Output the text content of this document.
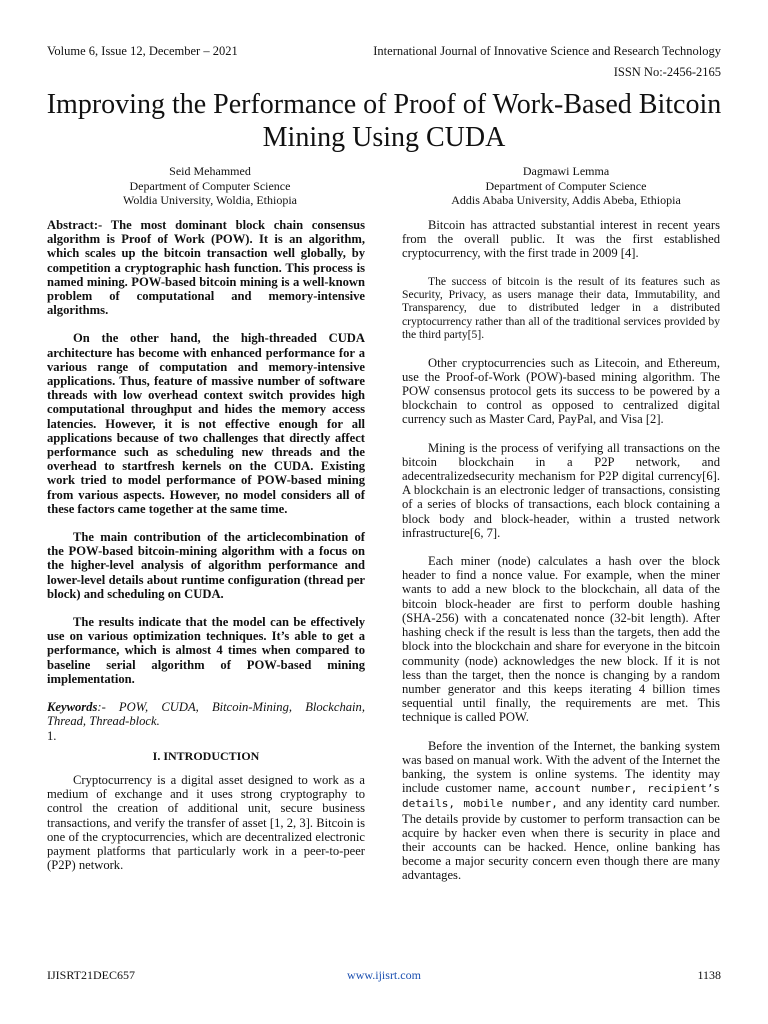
Volume 6, Issue 12, December – 2021	International Journal of Innovative Science and Research Technology
ISSN No:-2456-2165
Improving the Performance of Proof of Work-Based Bitcoin Mining Using CUDA
Seid Mehammed
Department of Computer Science
Woldia University, Woldia, Ethiopia
Dagmawi Lemma
Department of Computer Science
Addis Ababa University, Addis Abeba, Ethiopia

Abstract:- The most dominant block chain consensus algorithm is Proof of Work (POW). It is an algorithm, which scales up the bitcoin transaction well globally, by competition a cryptographic hash function. This process is named mining. POW-based bitcoin mining is a well-known problem of computational and memory-intensive algorithms.

On the other hand, the high-threaded CUDA architecture has become with enhanced performance for a various range of computation and memory-intensive applications. Thus, feature of massive number of software threads with low overhead context switch provides high computational throughput and hides the memory access latencies. However, it is not effective enough for all applications because of two challenges that directly affect performance such as scheduling new threads and the overhead to startfresh kernels on the CUDA. Existing work tried to model performance of POW-based mining from various aspects. However, no model considers all of these factors came together at the same time.

The main contribution of the articlecombination of the POW-based bitcoin-mining algorithm with a focus on the higher-level analysis of algorithm performance and lower-level details about runtime configuration (thread per block) and scheduling on CUDA.

The results indicate that the model can be effectively use on various optimization techniques. It’s able to get a performance, which is almost 4 times when compared to baseline serial algorithm of POW-based mining implementation.

Keywords:- POW, CUDA, Bitcoin-Mining, Blockchain, Thread, Thread-block.

1.
I. INTRODUCTION

Cryptocurrency is a digital asset designed to work as a medium of exchange and it uses strong cryptography to control the creation of additional unit, secure business transactions, and verify the transfer of asset [1, 2, 3]. Bitcoin is one of the cryptocurrencies, which are decentralized electronic payment platforms that particularly work in a peer-to-peer (P2P) network.

Bitcoin has attracted substantial interest in recent years from the overall public. It was the first established cryptocurrency, with the first trade in 2009 [4].

The success of bitcoin is the result of its features such as Security, Privacy, as users manage their data, Immutability, and Transparency, due to distributed ledger in a distributed cryptocurrency rather than all of the traditional services provided by the third party[5].

Other cryptocurrencies such as Litecoin, and Ethereum, use the Proof-of-Work (POW)-based mining algorithm. The POW consensus protocol gets its success to be powered by a blockchain to control as opposed to centralized digital currency such as Master Card, PayPal, and Visa [2].

Mining is the process of verifying all transactions on the bitcoin blockchain in a P2P network, and adecentralizedsecurity mechanism for P2P digital currency[6]. A blockchain is an electronic ledger of transactions, consisting of a series of blocks of transactions, each block containing a block body and block-header, within a trusted network infrastructure[6, 7].

Each miner (node) calculates a hash over the block header to find a nonce value. For example, when the miner wants to add a new block to the blockchain, all data of the bitcoin block-header are first to perform double hashing (SHA-256) with a concatenated nonce (32-bit length). After hashing check if the result is less than the targets, then add the block into the blockchain and share for everyone in the bitcoin community (node) acknowledges the new block. If it is not less than the target, then the nonce is changing by a random number generator and this keeps iterating 4 billion times sequential until finally, the requirements are met. This technique is called POW.

Before the invention of the Internet, the banking system was based on manual work. With the advent of the Internet the banking, the system is online systems. The identity may include customer name, account number, recipient’s details, mobile number, and any identity card number. The details provide by customer to perform transaction can be acquire by hacker even when there is security in place and their accounts can be hacked. Hence, online banking has become a major security concern even though there are many advantages.

IJISRT21DEC657	www.ijisrt.com	1138
